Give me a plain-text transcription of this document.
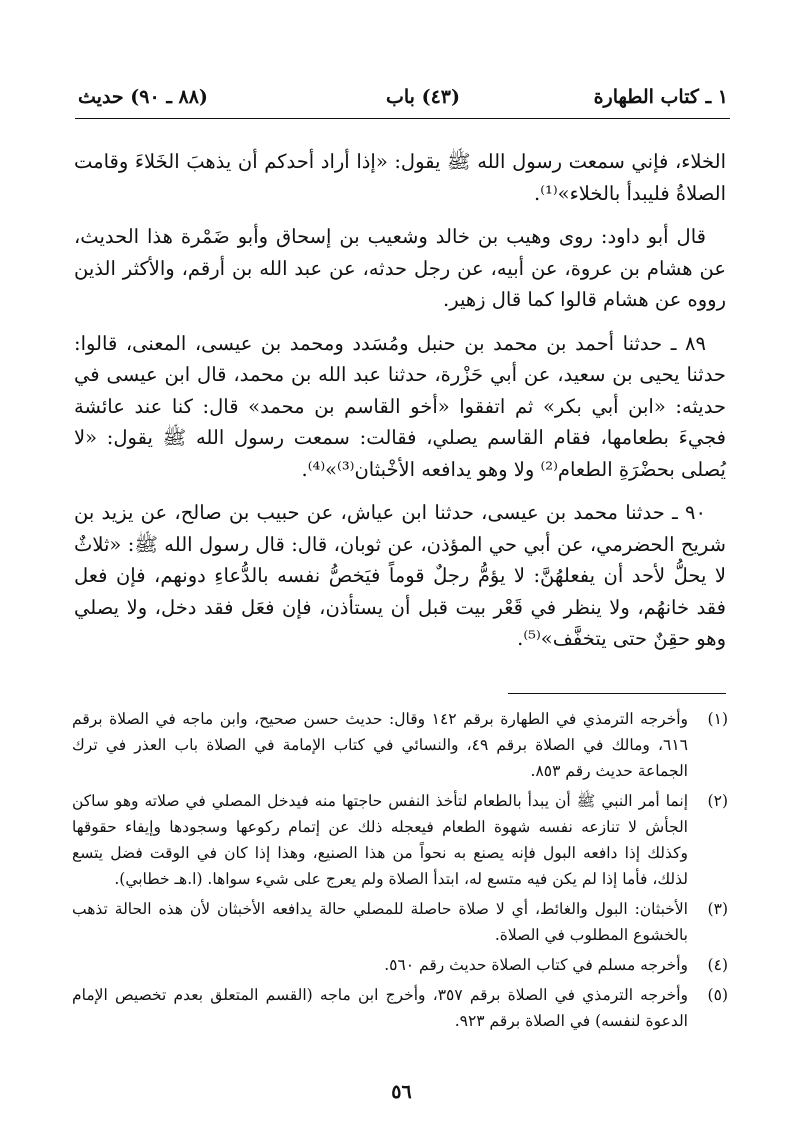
١ ـ كتاب الطهارة
(٤٣) باب
(٨٨ ـ ٩٠) حديث

الخلاء، فإني سمعت رسول الله ﷺ يقول: «إذا أراد أحدكم أن يذهبَ الخَلاءَ وقامت الصلاةُ فليبدأ بالخلاء»⁽¹⁾.

قال أبو داود: روى وهيب بن خالد وشعيب بن إسحاق وأبو ضَمْرة هذا الحديث، عن هشام بن عروة، عن أبيه، عن رجل حدثه، عن عبد الله بن أرقم، والأكثر الذين رووه عن هشام قالوا كما قال زهير.

٨٩ ـ حدثنا أحمد بن محمد بن حنبل ومُسَدد ومحمد بن عيسى، المعنى، قالوا: حدثنا يحيى بن سعيد، عن أبي حَزْرة، حدثنا عبد الله بن محمد، قال ابن عيسى في حديثه: «ابن أبي بكر» ثم اتفقوا «أخو القاسم بن محمد» قال: كنا عند عائشة فجيءَ بطعامها، فقام القاسم يصلي، فقالت: سمعت رسول الله ﷺ يقول: «لا يُصلى بحضْرَةِ الطعام⁽²⁾ ولا وهو يدافعه الأخْبثان⁽³⁾»⁽⁴⁾.

٩٠ ـ حدثنا محمد بن عيسى، حدثنا ابن عياش، عن حبيب بن صالح، عن يزيد بن شريح الحضرمي، عن أبي حي المؤذن، عن ثوبان، قال: قال رسول الله ﷺ: «ثلاثٌ لا يحلُّ لأحد أن يفعلهُنَّ: لا يؤمُّ رجلٌ قوماً فيَخصُّ نفسه بالدُّعاءِ دونهم، فإن فعل فقد خانهُم، ولا ينظر في قَعْر بيت قبل أن يستأذن، فإن فعَل فقد دخل، ولا يصلي وهو حقِنٌ حتى يتخفَّف»⁽⁵⁾.

(١)
وأخرجه الترمذي في الطهارة برقم ١٤٢ وقال: حديث حسن صحيح، وابن ماجه في الصلاة برقم ٦١٦، ومالك في الصلاة برقم ٤٩، والنسائي في كتاب الإمامة في الصلاة باب العذر في ترك الجماعة حديث رقم ٨٥٣.
(٢)
إنما أمر النبي ﷺ أن يبدأ بالطعام لتأخذ النفس حاجتها منه فيدخل المصلي في صلاته وهو ساكن الجأش لا تنازعه نفسه شهوة الطعام فيعجله ذلك عن إتمام ركوعها وسجودها وإيفاء حقوقها وكذلك إذا دافعه البول فإنه يصنع به نحواً من هذا الصنيع، وهذا إذا كان في الوقت فضل يتسع لذلك، فأما إذا لم يكن فيه متسع له، ابتدأ الصلاة ولم يعرج على شيء سواها. (ا.هـ خطابي).
(٣)
الأخبثان: البول والغائط، أي لا صلاة حاصلة للمصلي حالة يدافعه الأخبثان لأن هذه الحالة تذهب بالخشوع المطلوب في الصلاة.
(٤)
وأخرجه مسلم في كتاب الصلاة حديث رقم ٥٦٠.
(٥)
وأخرجه الترمذي في الصلاة برقم ٣٥٧، وأخرج ابن ماجه (القسم المتعلق بعدم تخصيص الإمام الدعوة لنفسه) في الصلاة برقم ٩٢٣.
٥٦
